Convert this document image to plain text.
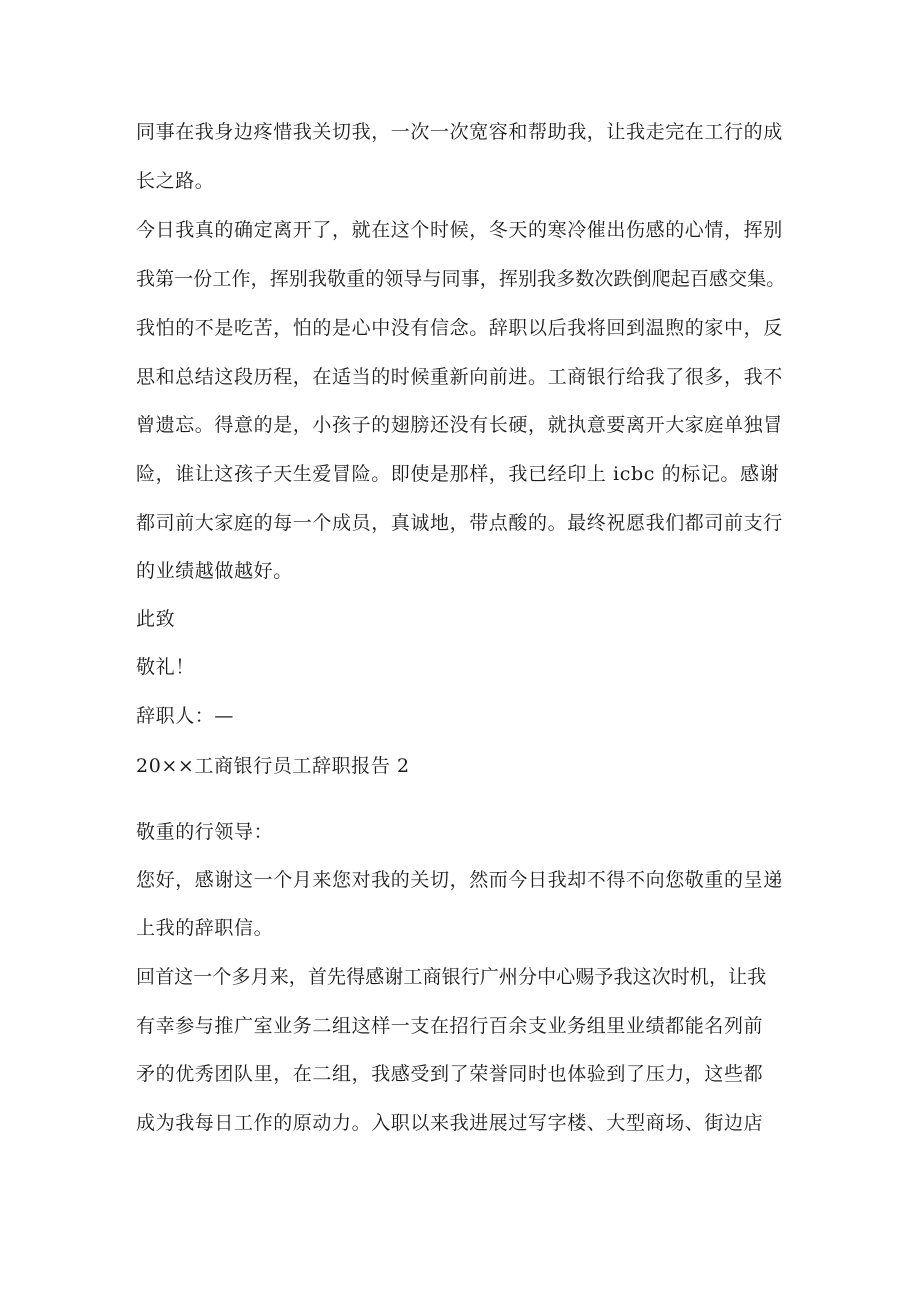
同事在我身边疼惜我关切我，一次一次宽容和帮助我，让我走完在工行的成

长之路。

今日我真的确定离开了，就在这个时候，冬天的寒冷催出伤感的心情，挥别

我第一份工作，挥别我敬重的领导与同事，挥别我多数次跌倒爬起百感交集。

我怕的不是吃苦，怕的是心中没有信念。辞职以后我将回到温煦的家中，反

思和总结这段历程，在适当的时候重新向前进。工商银行给我了很多，我不

曾遗忘。得意的是，小孩子的翅膀还没有长硬，就执意要离开大家庭单独冒

险，谁让这孩子天生爱冒险。即使是那样，我已经印上 icbc 的标记。感谢

都司前大家庭的每一个成员，真诚地，带点酸的。最终祝愿我们都司前支行

的业绩越做越好。

此致

敬礼！

辞职人：—

20××工商银行员工辞职报告 2

敬重的行领导：

您好，感谢这一个月来您对我的关切，然而今日我却不得不向您敬重的呈递

上我的辞职信。

回首这一个多月来，首先得感谢工商银行广州分中心赐予我这次时机，让我

有幸参与推广室业务二组这样一支在招行百余支业务组里业绩都能名列前

矛的优秀团队里，在二组，我感受到了荣誉同时也体验到了压力，这些都

成为我每日工作的原动力。入职以来我进展过写字楼、大型商场、街边店
